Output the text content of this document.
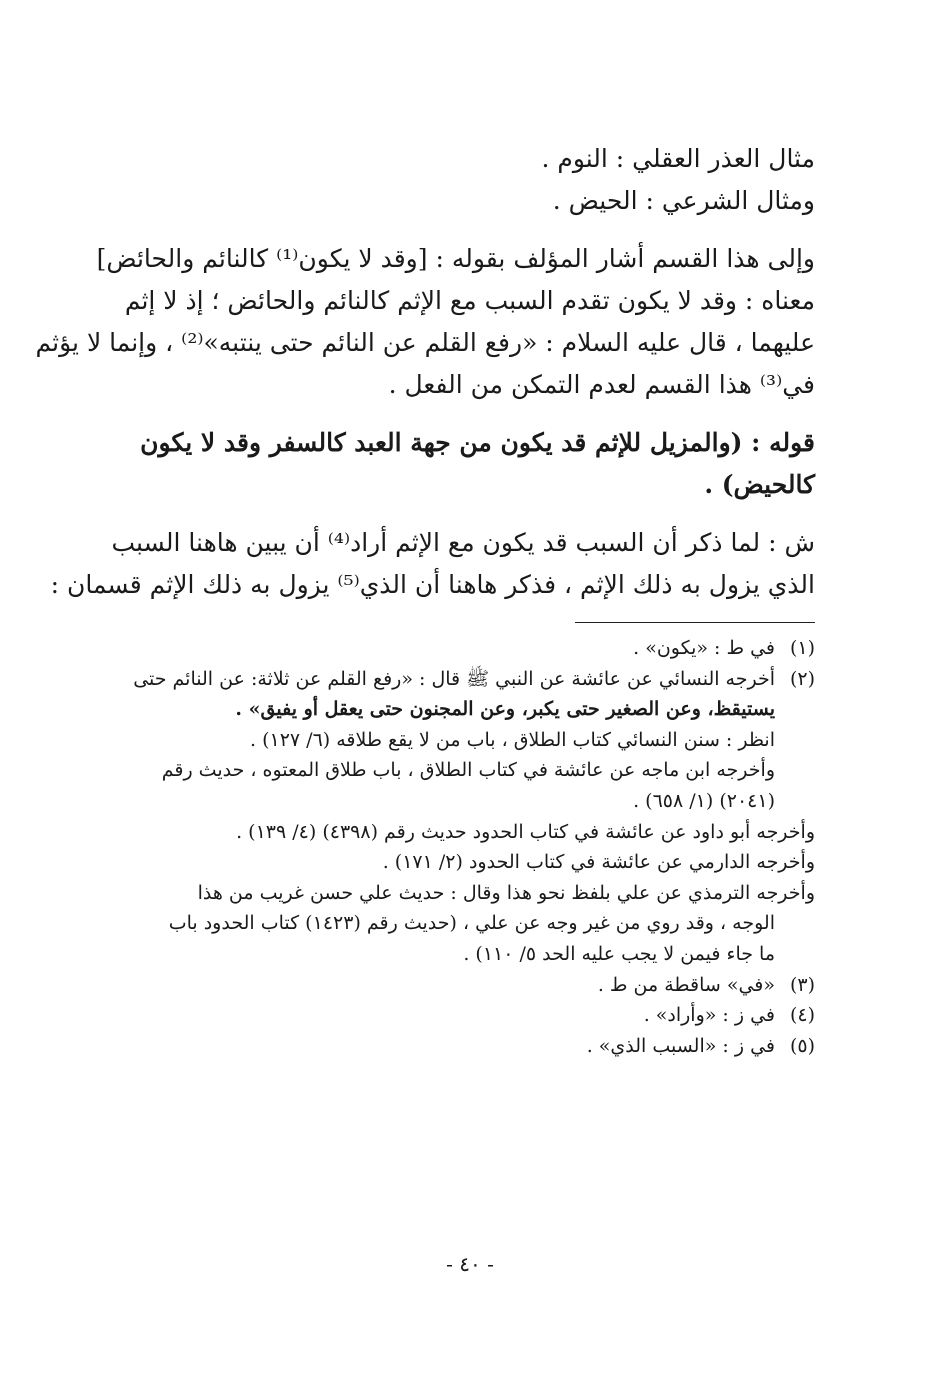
مثال العذر العقلي : النوم .
ومثال الشرعي : الحيض .
وإلى هذا القسم أشار المؤلف بقوله : [وقد لا يكون⁽¹⁾ كالنائم والحائض]
معناه : وقد لا يكون تقدم السبب مع الإثم كالنائم والحائض ؛ إذ لا إثم
عليهما ، قال عليه السلام : «رفع القلم عن النائم حتى ينتبه»⁽²⁾ ، وإنما لا يؤثم
في⁽³⁾ هذا القسم لعدم التمكن من الفعل .
قوله : (والمزيل للإثم قد يكون من جهة العبد كالسفر وقد لا يكون
كالحيض) .
ش : لما ذكر أن السبب قد يكون مع الإثم أراد⁽⁴⁾ أن يبين هاهنا السبب
الذي يزول به ذلك الإثم ، فذكر هاهنا أن الذي⁽⁵⁾ يزول به ذلك الإثم قسمان :
(١)في ط : «يكون» .
(٢)أخرجه النسائي عن عائشة عن النبي ﷺ قال : «رفع القلم عن ثلاثة: عن النائم حتى
يستيقظ، وعن الصغير حتى يكبر، وعن المجنون حتى يعقل أو يفيق» .
انظر : سنن النسائي كتاب الطلاق ، باب من لا يقع طلاقه (٦/ ١٢٧) .
وأخرجه ابن ماجه عن عائشة في كتاب الطلاق ، باب طلاق المعتوه ، حديث رقم
(٢٠٤١) (١/ ٦٥٨) .
وأخرجه أبو داود عن عائشة في كتاب الحدود حديث رقم (٤٣٩٨) (٤/ ١٣٩) .
وأخرجه الدارمي عن عائشة في كتاب الحدود (٢/ ١٧١) .
وأخرجه الترمذي عن علي بلفظ نحو هذا وقال : حديث علي حسن غريب من هذا
الوجه ، وقد روي من غير وجه عن علي ، (حديث رقم (١٤٢٣) كتاب الحدود باب
ما جاء فيمن لا يجب عليه الحد ٥/ ١١٠) .
(٣)«في» ساقطة من ط .
(٤)في ز : «وأراد» .
(٥)في ز : «السبب الذي» .
- ٤٠ -
